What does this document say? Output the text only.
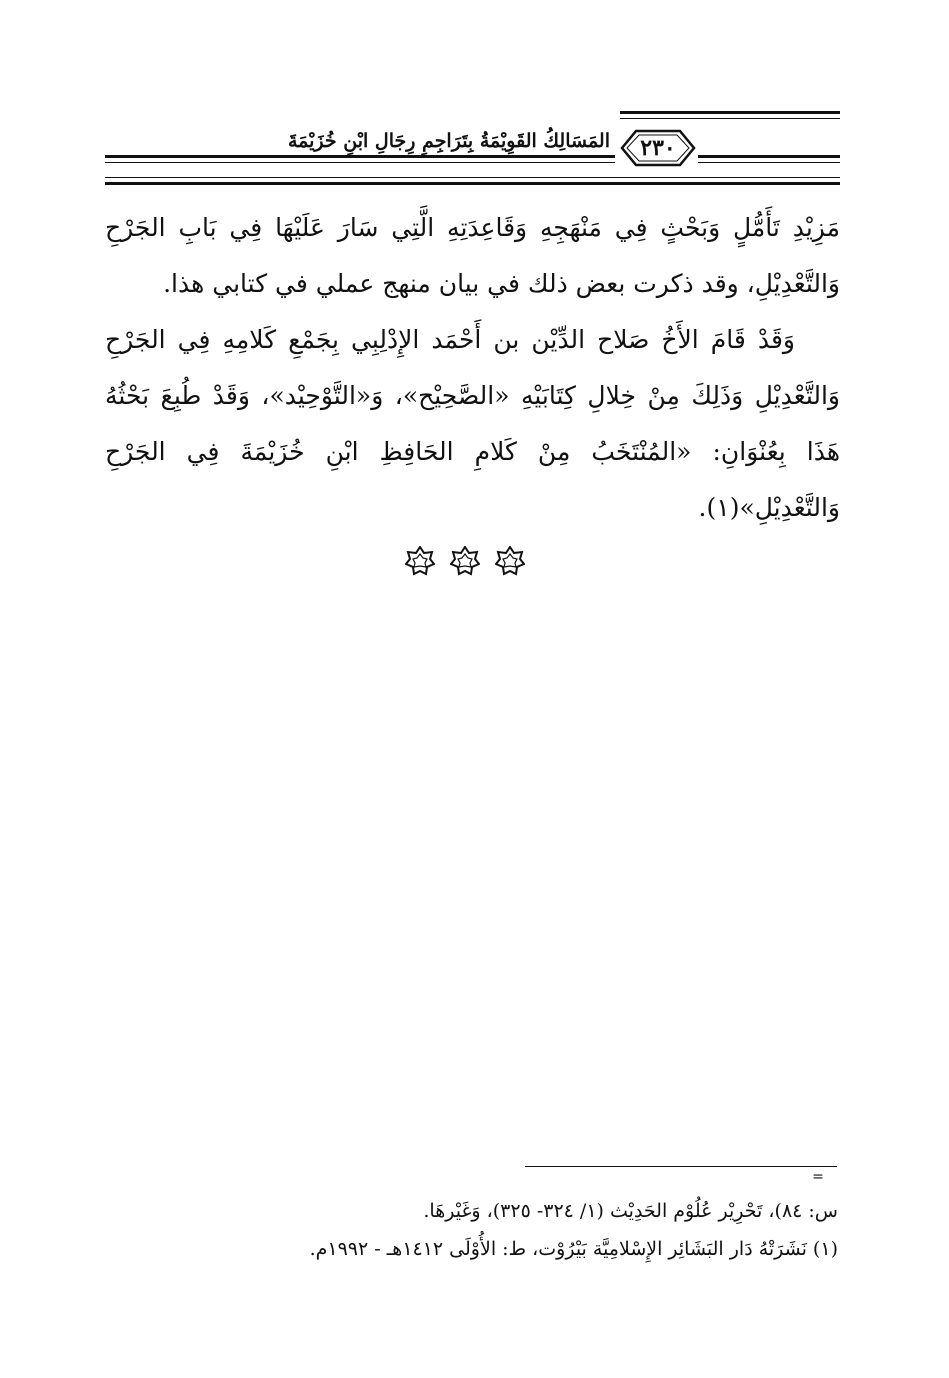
المَسَالِكُ القَوِيْمَةُ بِتَرَاجِمِ رِجَالِ ابْنِ خُزَيْمَةَ	٢٣٠

مَزِيْدِ تَأَمُّلٍ وَبَحْثٍ فِي مَنْهَجِهِ وَقَاعِدَتِهِ الَّتِي سَارَ عَلَيْهَا فِي بَابِ الجَرْحِ وَالتَّعْدِيْلِ، وقد ذكرت بعض ذلك في بيان منهج عملي في كتابي هذا.

وَقَدْ قَامَ الأَخُ صَلاح الدِّيْن بن أَحْمَد الإِدْلِبِي بِجَمْعِ كَلامِهِ فِي الجَرْحِ وَالتَّعْدِيْلِ وَذَلِكَ مِنْ خِلالِ كِتَابَيْهِ «الصَّحِيْح»، وَ«التَّوْحِيْد»، وَقَدْ طُبِعَ بَحْثُهُ هَذَا بِعُنْوَانِ: «المُنْتَخَبُ مِنْ كَلامِ الحَافِظِ ابْنِ خُزَيْمَةَ فِي الجَرْحِ وَالتَّعْدِيْلِ»(١).

=

س: ٨٤)، تَحْرِيْر عُلُوْم الحَدِيْث (١/ ٣٢٤- ٣٢٥)، وَغَيْرهَا.

(١) نَشَرَتْهُ دَار البَشَائِر الإِسْلامِيَّة بَيْرُوْت، ط: الأُوْلَى ١٤١٢هـ - ١٩٩٢م.
